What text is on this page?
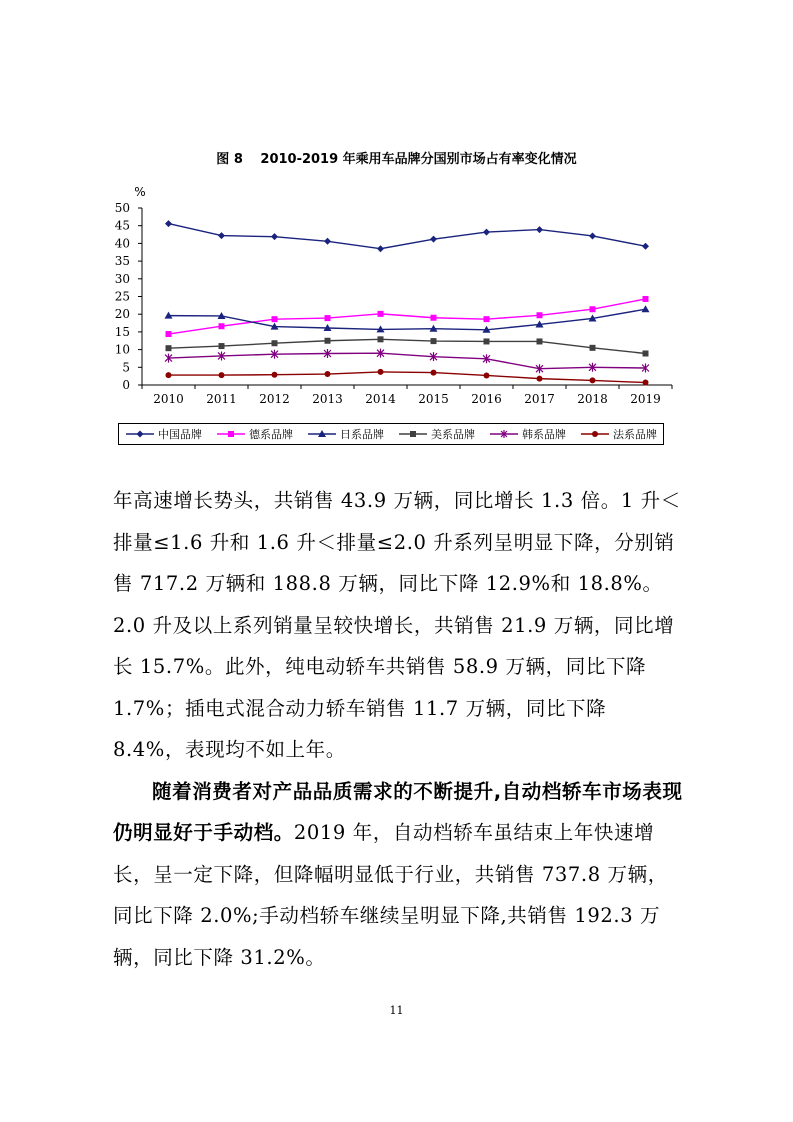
图 8　 2010-2019 年乘用车品牌分国别市场占有率变化情况
%
0
5
10
15
20
25
30
35
40
45
50
2010 2011 2012 2013 2014 2015 2016 2017 2018 2019
中国品牌	德系品牌	日系品牌	美系品牌	韩系品牌	法系品牌

年高速增长势头，共销售 43.9 万辆，同比增长 1.3 倍。1 升＜排量≤1.6 升和 1.6 升＜排量≤2.0 升系列呈明显下降，分别销售 717.2 万辆和 188.8 万辆，同比下降 12.9%和 18.8%。2.0 升及以上系列销量呈较快增长，共销售 21.9 万辆，同比增长 15.7%。此外，纯电动轿车共销售 58.9 万辆，同比下降 1.7%；插电式混合动力轿车销售 11.7 万辆，同比下降 8.4%，表现均不如上年。

随着消费者对产品品质需求的不断提升,自动档轿车市场表现仍明显好于手动档。2019 年，自动档轿车虽结束上年快速增长，呈一定下降，但降幅明显低于行业，共销售 737.8 万辆，同比下降 2.0%;手动档轿车继续呈明显下降,共销售 192.3 万辆，同比下降 31.2%。

11
